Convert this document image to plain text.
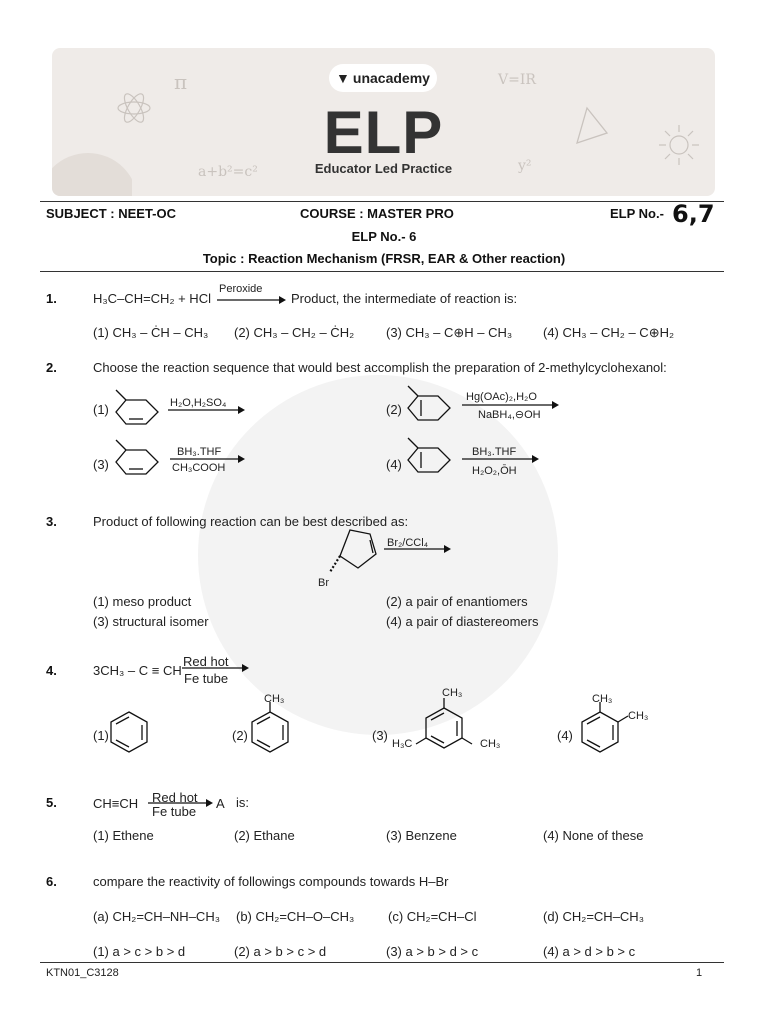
▼ unacademy
ELP
Educator Led Practice
π	V=IR
a+b²=c²	y²
SUBJECT : NEET-OC	COURSE : MASTER PRO	ELP No.- 6,7
ELP No.- 6
Topic : Reaction Mechanism (FRSR, EAR & Other reaction)
1.	H₃C–CH=CH₂ + HCl
Peroxide
Product, the intermediate of reaction is:
(1) CH₃ – ĊH – CH₃ (2) CH₃ – CH₂ – ĊH₂ (3) CH₃ – C⊕H – CH₃ (4) CH₃ – CH₂ – C⊕H₂
2.	Choose the reaction sequence that would best accomplish the preparation of 2-methylcyclohexanol:
(1)	H₂O,H₂SO₄	(2)
Hg(OAc)₂,H₂O
NaBH₄,⊖OH
(3)
BH₃.THF
CH₃COOH	(4)
BH₃.THF
H₂O₂,ŌH
3.	Product of following reaction can be best described as:
Br
Br₂/CCl₄
(1) meso product	(2) a pair of enantiomers
(3) structural isomer	(4) a pair of diastereomers
4.	3CH₃ – C ≡ CH
Red hot
Fe tube
(1)	(2)
CH₃
(3)
CH₃
H₃C	CH₃
(4)
CH₃
CH₃
5.	CH≡CH Red hot
Fe tube
A is:
(1) Ethene	(2) Ethane	(3) Benzene	(4) None of these
6.	compare the reactivity of followings compounds towards H–Br
(a) CH₂=CH–NH–CH₃ (b) CH₂=CH–O–CH₃	(c) CH₂=CH–Cl	(d) CH₂=CH–CH₃
(1) a > c > b > d	(2) a > b > c > d	(3) a > b > d > c	(4) a > d > b > c
KTN01_C3128	1
